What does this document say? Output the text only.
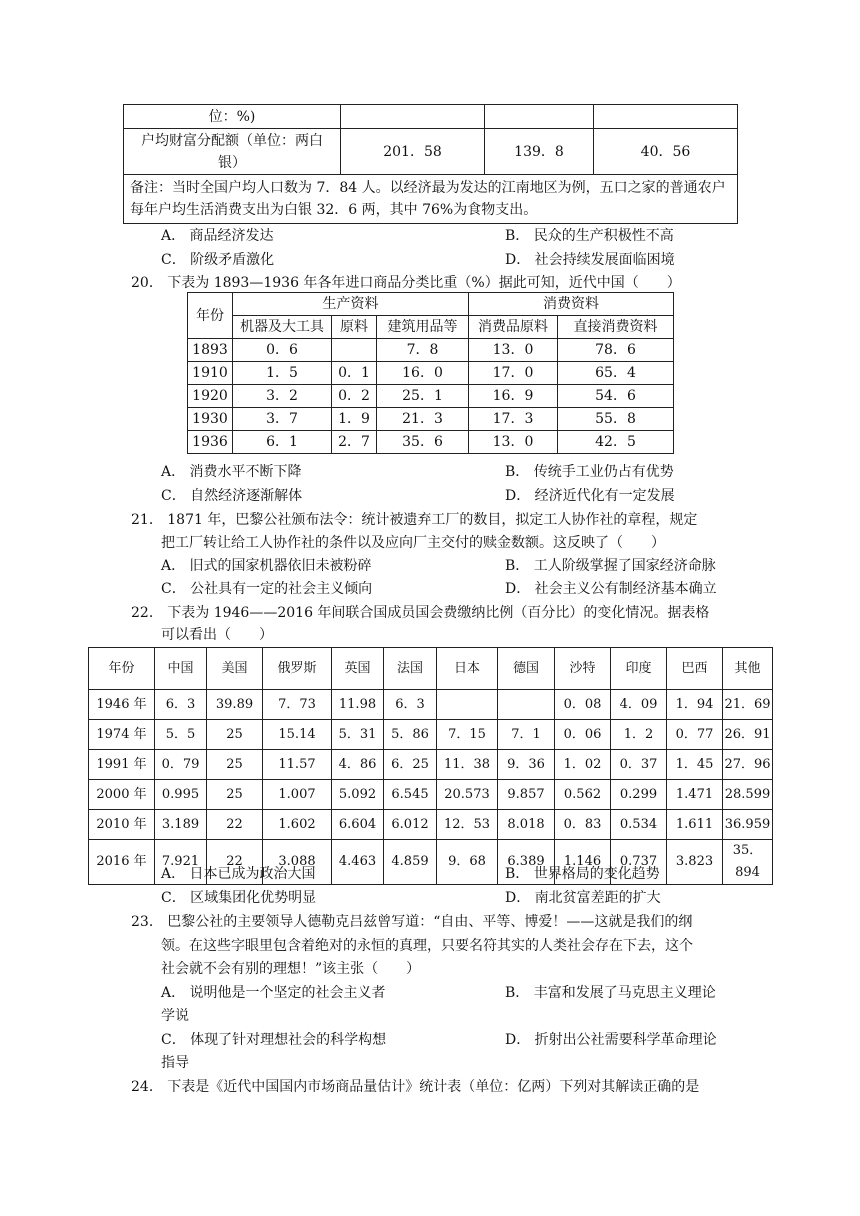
位：%)			
户均财富分配额（单位：两白银）	201．58	139．8	40．56
备注：当时全国户均人口数为 7．84 人。以经济最为发达的江南地区为例，五口之家的普通农户每年户均生活消费支出为白银 32．6 两，其中 76%为食物支出。			
A． 商品经济发达	B． 民众的生产积极性不高
C． 阶级矛盾激化	D． 社会持续发展面临困境
20． 下表为 1893—1936 年各年进口商品分类比重（%）据此可知，近代中国（　　）
年份	生产资料			消费资料	
	机器及大工具	原料	建筑用品等	消费品原料	直接消费资料
1893	0．6		7．8	13．0	78．6
1910	1．5	0．1	16．0	17．0	65．4
1920	3．2	0．2	25．1	16．9	54．6
1930	3．7	1．9	21．3	17．3	55．8
1936	6．1	2．7	35．6	13．0	42．5
A． 消费水平不断下降	B． 传统手工业仍占有优势
C． 自然经济逐渐解体	D． 经济近代化有一定发展
21． 1871 年，巴黎公社颁布法令：统计被遗弃工厂的数目，拟定工人协作社的章程，规定
把工厂转让给工人协作社的条件以及应向厂主交付的赎金数额。这反映了（　　）
A． 旧式的国家机器依旧未被粉碎	B． 工人阶级掌握了国家经济命脉
C． 公社具有一定的社会主义倾向	D． 社会主义公有制经济基本确立
22． 下表为 1946——2016 年间联合国成员国会费缴纳比例（百分比）的变化情况。据表格
可以看出（　　）
年份	中国	美国	俄罗斯	英国	法国	日本	德国	沙特	印度	巴西	其他
1946 年	6．3	39.89	7．73	11.98	6．3			0．08	4．09	1．94	21．69
1974 年	5．5	25	15.14	5．31	5．86	7．15	7．1	0．06	1．2	0．77	26．91
1991 年	0．79	25	11.57	4．86	6．25	11．38	9．36	1．02	0．37	1．45	27．96
2000 年	0.995	25	1.007	5.092	6.545	20.573	9.857	0.562	0.299	1.471	28.599
2010 年	3.189	22	1.602	6.604	6.012	12．53	8.018	0．83	0.534	1.611	36.959
2016 年	7.921	22	3.088	4.463	4.859	9．68	6.389	1.146	0.737	3.823	35．894
A． 日本已成为政治大国	B． 世界格局的变化趋势
C． 区域集团化优势明显	D． 南北贫富差距的扩大
23． 巴黎公社的主要领导人德勒克吕兹曾写道：“自由、平等、博爱！——这就是我们的纲
领。在这些字眼里包含着绝对的永恒的真理，只要名符其实的人类社会存在下去，这个
社会就不会有别的理想！”该主张（　　）
A． 说明他是一个坚定的社会主义者	B． 丰富和发展了马克思主义理论
学说
C． 体现了针对理想社会的科学构想	D． 折射出公社需要科学革命理论
指导
24． 下表是《近代中国国内市场商品量估计》统计表（单位：亿两）下列对其解读正确的是
